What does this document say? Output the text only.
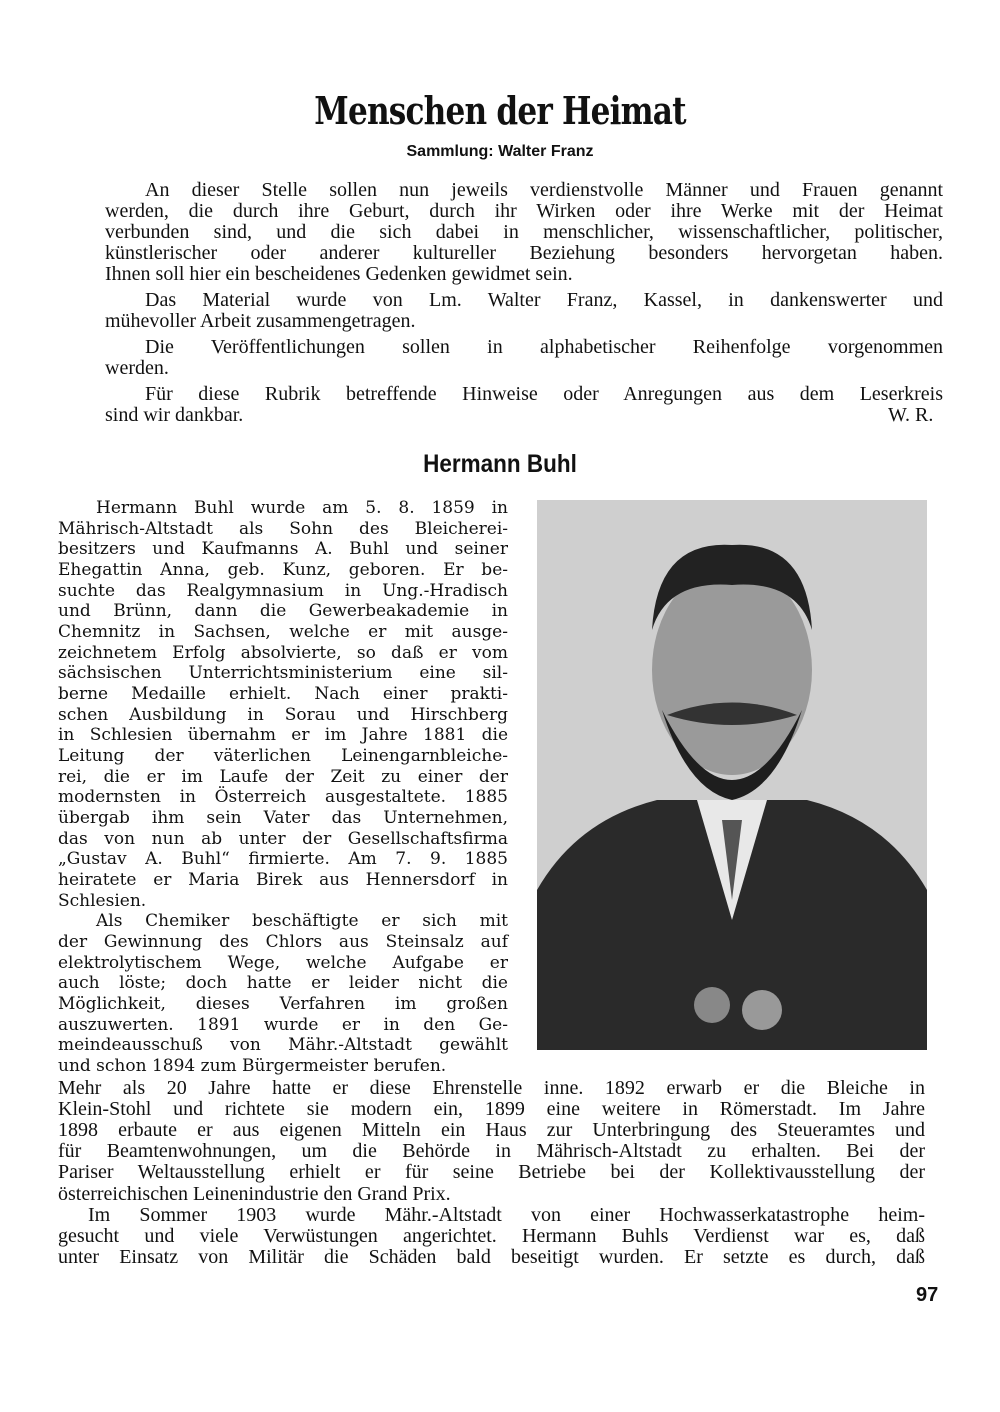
Menschen der Heimat
Sammlung: Walter Franz
An dieser Stelle sollen nun jeweils verdienstvolle Männer und Frauen genannt
werden, die durch ihre Geburt, durch ihr Wirken oder ihre Werke mit der Heimat
verbunden sind, und die sich dabei in menschlicher, wissenschaftlicher, politischer,
künstlerischer oder anderer kultureller Beziehung besonders hervorgetan haben.
Ihnen soll hier ein bescheidenes Gedenken gewidmet sein.
Das Material wurde von Lm. Walter Franz, Kassel, in dankenswerter und
mühevoller Arbeit zusammengetragen.
Die Veröffentlichungen sollen in alphabetischer Reihenfolge vorgenommen
werden.
Für diese Rubrik betreffende Hinweise oder Anregungen aus dem Leserkreis
sind wir dankbar.	W. R.
Hermann Buhl
Hermann Buhl wurde am 5. 8. 1859 in
Mährisch-Altstadt als Sohn des Bleicherei-
besitzers und Kaufmanns A. Buhl und seiner
Ehegattin Anna, geb. Kunz, geboren. Er be-
suchte das Realgymnasium in Ung.-Hradisch
und Brünn, dann die Gewerbeakademie in
Chemnitz in Sachsen, welche er mit ausge-
zeichnetem Erfolg absolvierte, so daß er vom
sächsischen Unterrichtsministerium eine sil-
berne Medaille erhielt. Nach einer prakti-
schen Ausbildung in Sorau und Hirschberg
in Schlesien übernahm er im Jahre 1881 die
Leitung der väterlichen Leinengarnbleiche-
rei, die er im Laufe der Zeit zu einer der
modernsten in Österreich ausgestaltete. 1885
übergab ihm sein Vater das Unternehmen,
das von nun ab unter der Gesellschaftsfirma
„Gustav A. Buhl“ firmierte. Am 7. 9. 1885
heiratete er Maria Birek aus Hennersdorf in
Schlesien.
Als Chemiker beschäftigte er sich mit
der Gewinnung des Chlors aus Steinsalz auf
elektrolytischem Wege, welche Aufgabe er
auch löste; doch hatte er leider nicht die
Möglichkeit, dieses Verfahren im großen
auszuwerten. 1891 wurde er in den Ge-
meindeausschuß von Mähr.-Altstadt gewählt
und schon 1894 zum Bürgermeister berufen.
Mehr als 20 Jahre hatte er diese Ehrenstelle inne. 1892 erwarb er die Bleiche in
Klein-Stohl und richtete sie modern ein, 1899 eine weitere in Römerstadt. Im Jahre
1898 erbaute er aus eigenen Mitteln ein Haus zur Unterbringung des Steueramtes und
für Beamtenwohnungen, um die Behörde in Mährisch-Altstadt zu erhalten. Bei der
Pariser Weltausstellung erhielt er für seine Betriebe bei der Kollektivausstellung der
österreichischen Leinenindustrie den Grand Prix.
Im Sommer 1903 wurde Mähr.-Altstadt von einer Hochwasserkatastrophe heim-
gesucht und viele Verwüstungen angerichtet. Hermann Buhls Verdienst war es, daß
unter Einsatz von Militär die Schäden bald beseitigt wurden. Er setzte es durch, daß
97
